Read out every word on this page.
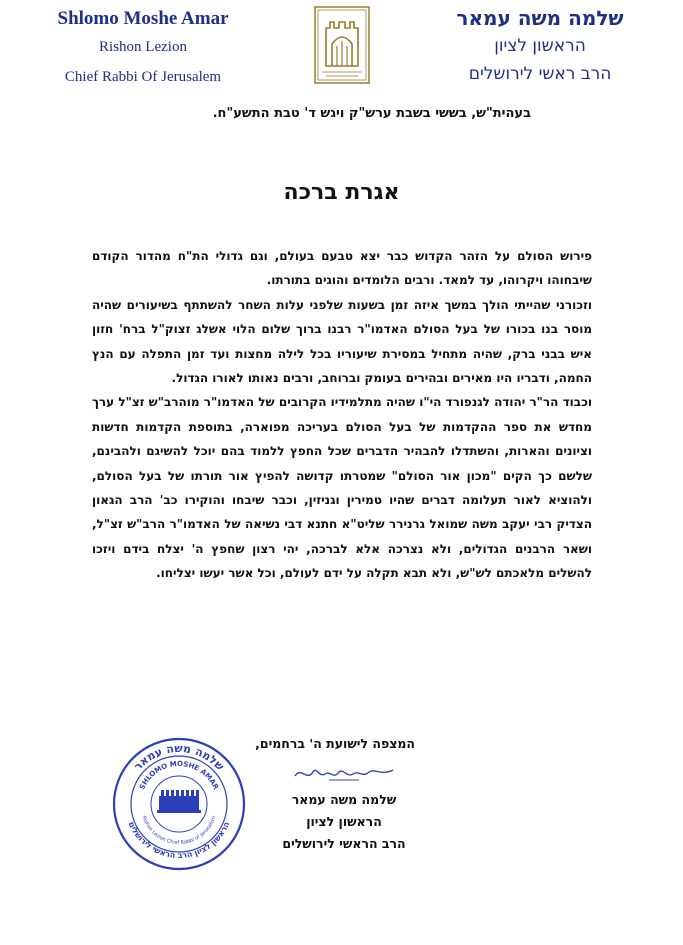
Shlomo Moshe Amar
Rishon Lezion
Chief Rabbi Of Jerusalem
שלמה משה עמאר
הראשון לציון
הרב ראשי לירושלים
בעהית"ש, בששי בשבת ערש"ק ויגש ד' טבת התשע"ח.
אגרת ברכה

פירוש הסולם על הזהר הקדוש כבר יצא טבעם בעולם, וגם גדולי הת"ח מהדור הקודם שיבחוהו ויקרוהו, עד למאד. ורבים הלומדים והוגים בתורתו.

וזכורני שהייתי הולך במשך איזה זמן בשעות שלפני עלות השחר להשתתף בשיעורים שהיה מוסר בנו בכורו של בעל הסולם האדמו"ר רבנו ברוך שלום הלוי אשלג זצוק"ל ברח' חזון איש בבני ברק, שהיה מתחיל במסירת שיעוריו בכל לילה מחצות ועד זמן התפלה עם הנץ החמה, ודבריו היו מאירים ובהירים בעומק וברוחב, ורבים נאותו לאורו הגדול.

וכבוד הר"ר יהודה לגנפורד הי"ו שהיה מתלמידיו הקרובים של האדמו"ר מוהרב"ש זצ"ל ערך מחדש את ספר ההקדמות של בעל הסולם בעריכה מפוארה, בתוספת הקדמות חדשות וציונים והארות, והשתדלו להבהיר הדברים שכל החפץ ללמוד בהם יוכל להשיגם ולהבינם, שלשם כך הקים "מכון אור הסולם" שמטרתו קדושה להפיץ אור תורתו של בעל הסולם, ולהוציא לאור תעלומה דברים שהיו טמירין וגניזין, וכבר שיבחו והוקירו כב' הרב הגאון הצדיק רבי יעקב משה שמואל גרנירר שליט"א חתנא דבי נשיאה של האדמו"ר הרב"ש זצ"ל, ושאר הרבנים הגדולים, ולא נצרכה אלא לברכה, יהי רצון שחפץ ה' יצלח בידם ויזכו להשלים מלאכתם לש"ש, ולא תבא תקלה על ידם לעולם, וכל אשר יעשו יצליחו.

המצפה לישועת ה' ברחמים,
שלמה משה עמאר
הראשון לציון
הרב הראשי לירושלים
שלמה משה עמאר
SHLOMO MOSHE AMAR
Rishon Lezion Chief Rabbi of Jerusalem
הראשון לציון הרב הראשי לירושלים
